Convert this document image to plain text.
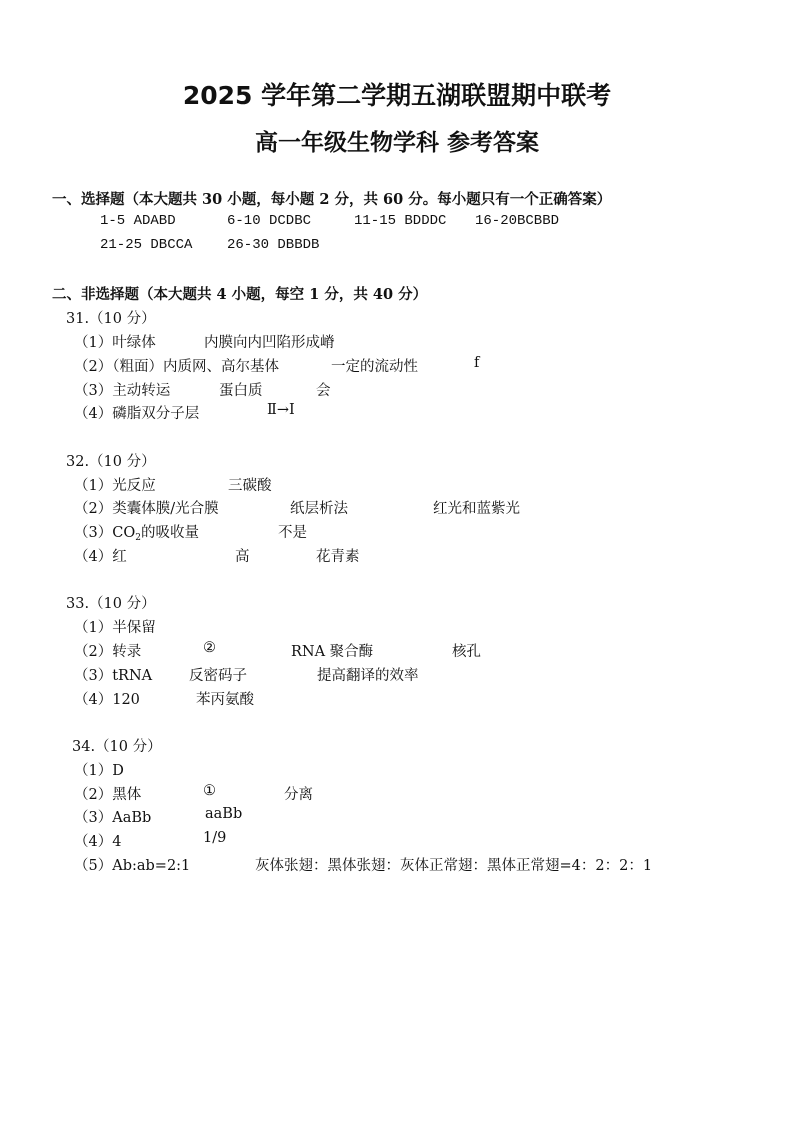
2025 学年第二学期五湖联盟期中联考
高一年级生物学科 参考答案
一、选择题（本大题共 30 小题，每小题 2 分，共 60 分。每小题只有一个正确答案）
1-5 ADABD	6-10 DCDBC	11-15 BDDDC 16-20BCBBD
21-25 DBCCA 26-30 DBBDB
二、非选择题（本大题共 4 小题，每空 1 分，共 40 分）
31.（10 分）
（1）叶绿体	内膜向内凹陷形成嵴
（2）（粗面）内质网、高尔基体	一定的流动性	f
（3）主动转运	蛋白质	会
（4）磷脂双分子层	Ⅱ→Ⅰ
32.（10 分）
（1）光反应	三碳酸
（2）类囊体膜/光合膜	纸层析法	红光和蓝紫光
$(3)CO_2$的吸收量	不是
（4）红	高	花青素
33.（10 分）
（1）半保留
（2）转录	②	RNA 聚合酶	核孔
（3）tRNA	反密码子	提高翻译的效率
（4）120	苯丙氨酸
34.（10 分）
（1）D
（2）黑体	①	分离
（3）AaBb	aaBb
（4）4	1/9
（5）Ab:ab=2:1	灰体张翅：黑体张翅：灰体正常翅：黑体正常翅=4：2：2：1
